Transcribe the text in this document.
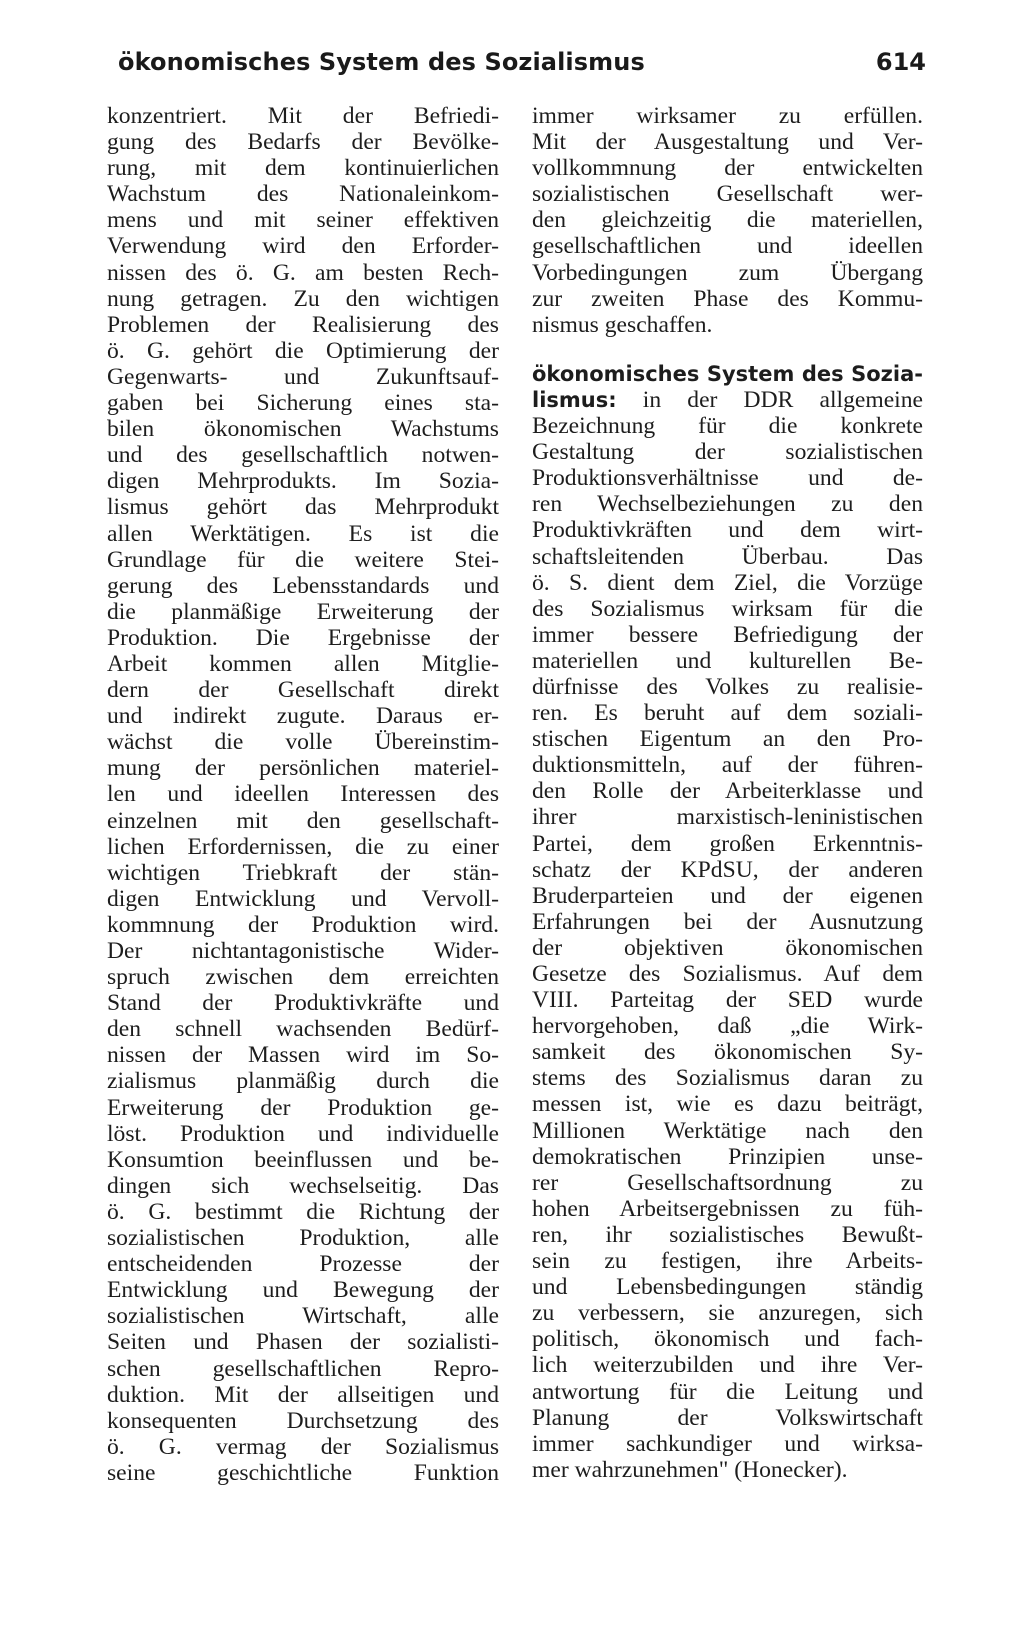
ökonomisches System des Sozialismus	614
konzentriert. Mit der Befriedi-
gung des Bedarfs der Bevölke-
rung, mit dem kontinuierlichen
Wachstum des Nationaleinkom-
mens und mit seiner effektiven
Verwendung wird den Erforder-
nissen des ö. G. am besten Rech-
nung getragen. Zu den wichtigen
Problemen der Realisierung des
ö. G. gehört die Optimierung der
Gegenwarts- und Zukunftsauf-
gaben bei Sicherung eines sta-
bilen ökonomischen Wachstums
und des gesellschaftlich notwen-
digen Mehrprodukts. Im Sozia-
lismus gehört das Mehrprodukt
allen Werktätigen. Es ist die
Grundlage für die weitere Stei-
gerung des Lebensstandards und
die planmäßige Erweiterung der
Produktion. Die Ergebnisse der
Arbeit kommen allen Mitglie-
dern der Gesellschaft direkt
und indirekt zugute. Daraus er-
wächst die volle Übereinstim-
mung der persönlichen materiel-
len und ideellen Interessen des
einzelnen mit den gesellschaft-
lichen Erfordernissen, die zu einer
wichtigen Triebkraft der stän-
digen Entwicklung und Vervoll-
kommnung der Produktion wird.
Der nichtantagonistische Wider-
spruch zwischen dem erreichten
Stand der Produktivkräfte und
den schnell wachsenden Bedürf-
nissen der Massen wird im So-
zialismus planmäßig durch die
Erweiterung der Produktion ge-
löst. Produktion und individuelle
Konsumtion beeinflussen und be-
dingen sich wechselseitig. Das
ö. G. bestimmt die Richtung der
sozialistischen Produktion, alle
entscheidenden Prozesse der
Entwicklung und Bewegung der
sozialistischen Wirtschaft, alle
Seiten und Phasen der sozialisti-
schen gesellschaftlichen Repro-
duktion. Mit der allseitigen und
konsequenten Durchsetzung des
ö. G. vermag der Sozialismus
seine geschichtliche Funktion
immer wirksamer zu erfüllen.
Mit der Ausgestaltung und Ver-
vollkommnung der entwickelten
sozialistischen Gesellschaft wer-
den gleichzeitig die materiellen,
gesellschaftlichen und ideellen
Vorbedingungen zum Übergang
zur zweiten Phase des Kommu-
nismus geschaffen.
ökonomisches System des Sozia-
lismus: in der DDR allgemeine
Bezeichnung für die konkrete
Gestaltung der sozialistischen
Produktionsverhältnisse und de-
ren Wechselbeziehungen zu den
Produktivkräften und dem wirt-
schaftsleitenden Überbau. Das
ö. S. dient dem Ziel, die Vorzüge
des Sozialismus wirksam für die
immer bessere Befriedigung der
materiellen und kulturellen Be-
dürfnisse des Volkes zu realisie-
ren. Es beruht auf dem soziali-
stischen Eigentum an den Pro-
duktionsmitteln, auf der führen-
den Rolle der Arbeiterklasse und
ihrer marxistisch-leninistischen
Partei, dem großen Erkenntnis-
schatz der KPdSU, der anderen
Bruderparteien und der eigenen
Erfahrungen bei der Ausnutzung
der objektiven ökonomischen
Gesetze des Sozialismus. Auf dem
VIII. Parteitag der SED wurde
hervorgehoben, daß „die Wirk-
samkeit des ökonomischen Sy-
stems des Sozialismus daran zu
messen ist, wie es dazu beiträgt,
Millionen Werktätige nach den
demokratischen Prinzipien unse-
rer Gesellschaftsordnung zu
hohen Arbeitsergebnissen zu füh-
ren, ihr sozialistisches Bewußt-
sein zu festigen, ihre Arbeits-
und Lebensbedingungen ständig
zu verbessern, sie anzuregen, sich
politisch, ökonomisch und fach-
lich weiterzubilden und ihre Ver-
antwortung für die Leitung und
Planung der Volkswirtschaft
immer sachkundiger und wirksa-
mer wahrzunehmen" (Honecker).
